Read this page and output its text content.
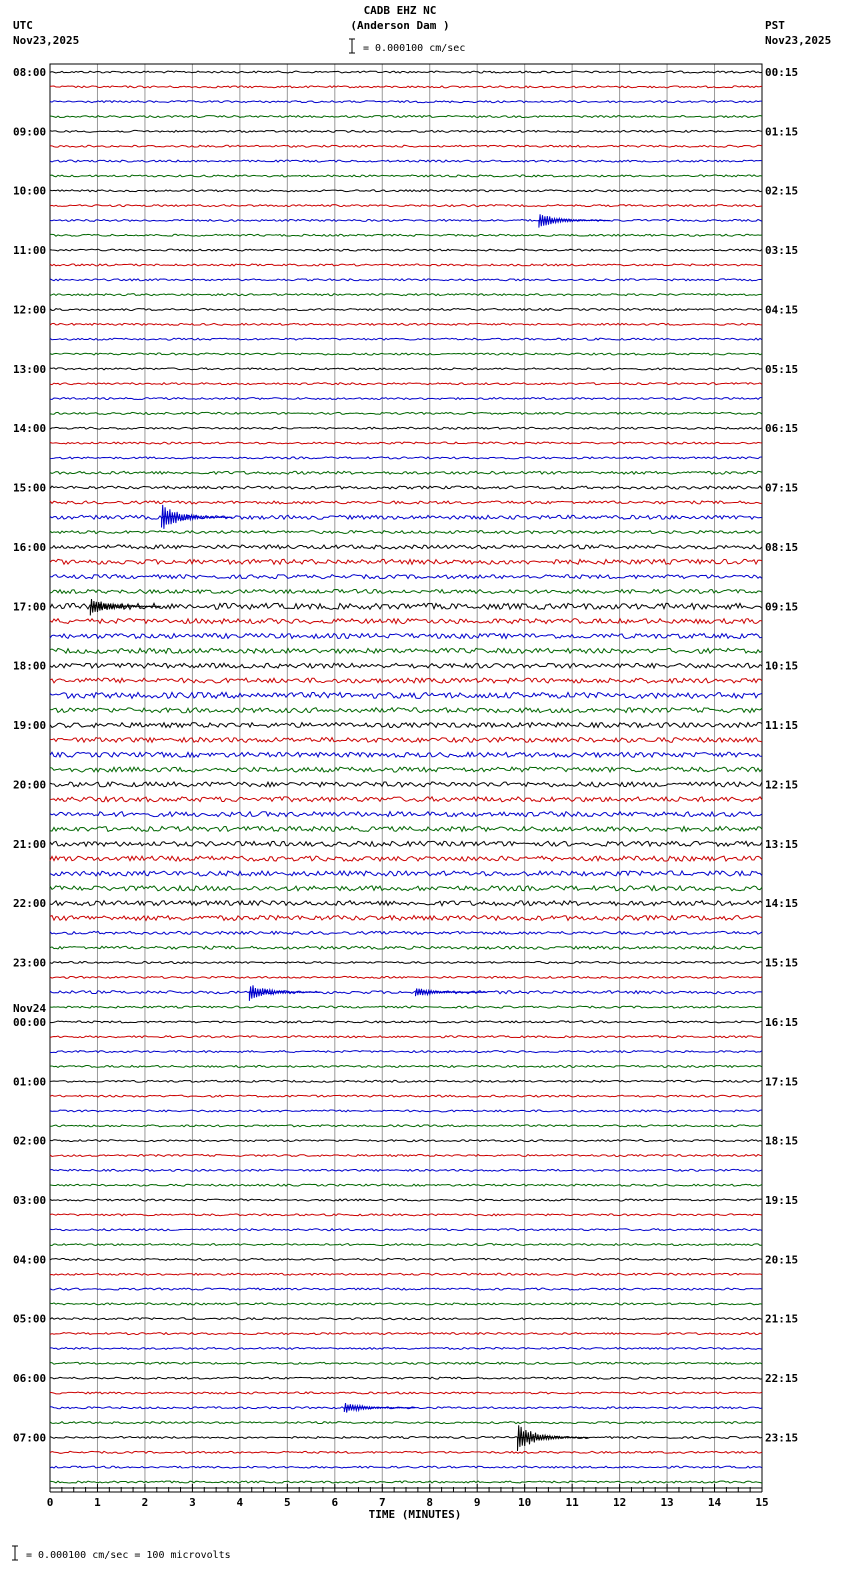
CADB EHZ NC
(Anderson Dam )
UTC
Nov23,2025
PST
Nov23,2025
= 0.000100 cm/sec
= 0.000100 cm/sec = 100 microvolts
TIME (MINUTES)
0	1	2	3	4	5	6	7	8	9	10	11	12	13	14	15
08:00
09:00
10:00
11:00
12:00
13:00
14:00
15:00
16:00
17:00
18:00
19:00
20:00
21:00
22:00
23:00
Nov24
00:00
01:00
02:00
03:00
04:00
05:00
06:00
07:00
00:15
01:15
02:15
03:15
04:15
05:15
06:15
07:15
08:15
09:15
10:15
11:15
12:15
13:15
14:15
15:15
16:15
17:15
18:15
19:15
20:15
21:15
22:15
23:15
